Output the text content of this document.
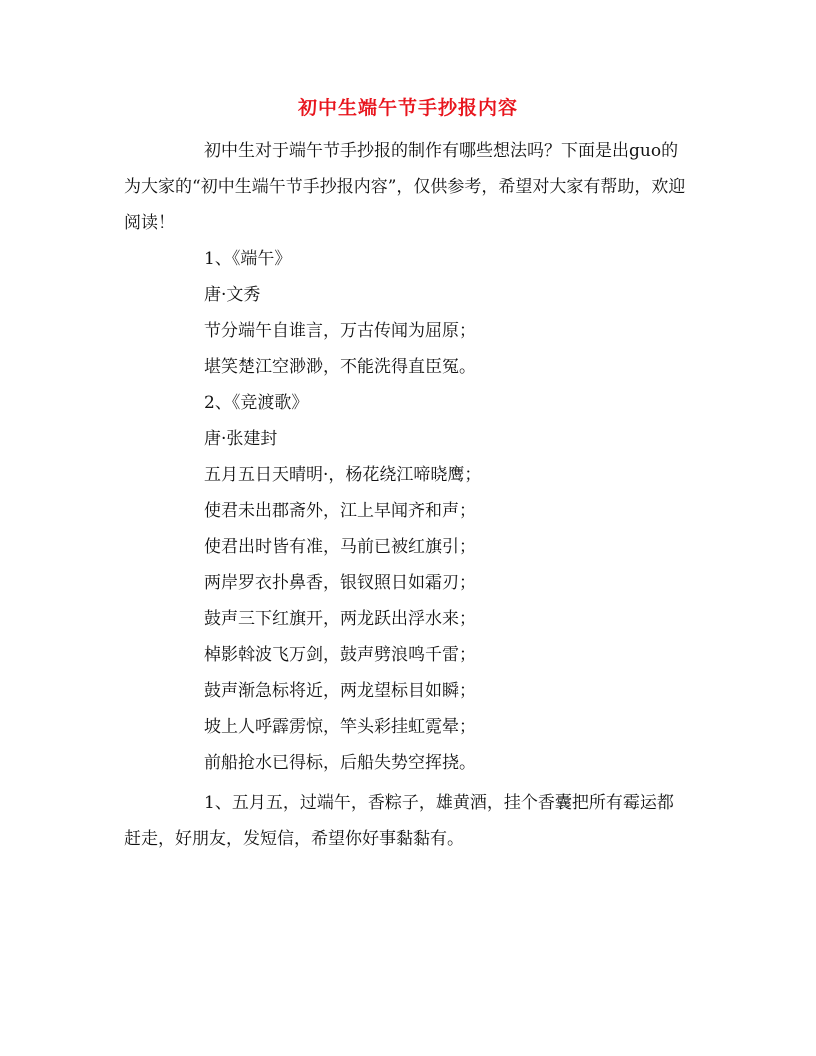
初中生端午节手抄报内容

初中生对于端午节手抄报的制作有哪些想法吗？下面是出guo的为大家的“初中生端午节手抄报内容”，仅供参考，希望对大家有帮助，欢迎阅读！

1、《端午》
唐·文秀
节分端午自谁言，万古传闻为屈原；
堪笑楚江空渺渺，不能洗得直臣冤。
2、《竞渡歌》
唐·张建封
五月五日天晴明·，杨花绕江啼晓鹰；
使君未出郡斋外，江上早闻齐和声；
使君出时皆有准，马前已被红旗引；
两岸罗衣扑鼻香，银钗照日如霜刃；
鼓声三下红旗开，两龙跃出浮水来；
棹影斡波飞万剑，鼓声劈浪鸣千雷；
鼓声渐急标将近，两龙望标目如瞬；
坡上人呼霹雳惊，竿头彩挂虹霓晕；
前船抢水已得标，后船失势空挥挠。

1、五月五，过端午，香粽子，雄黄酒，挂个香囊把所有霉运都赶走，好朋友，发短信，希望你好事黏黏有。
